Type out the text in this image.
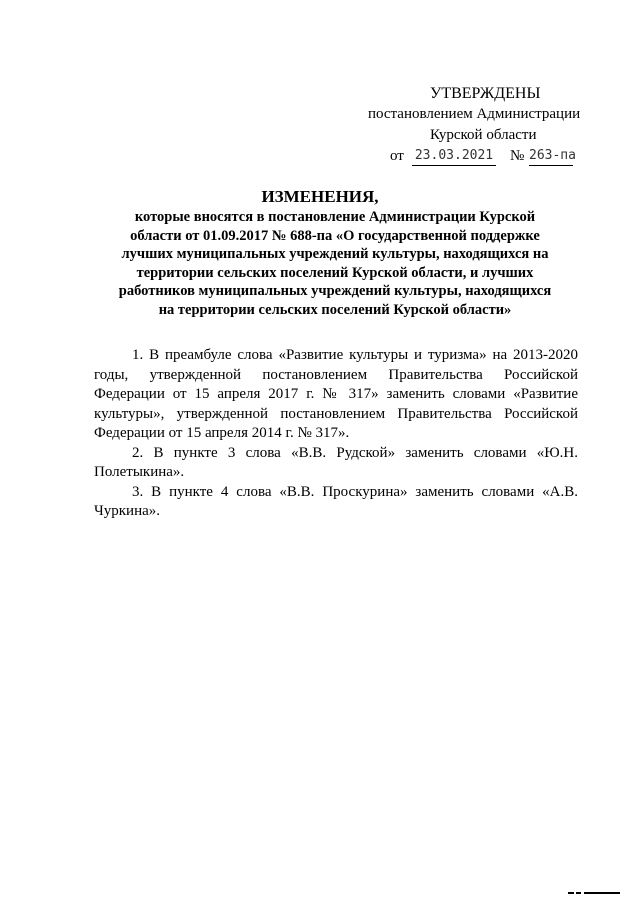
УТВЕРЖДЕНЫ
постановлением Администрации
Курской области
от 23.03.2021 № 263-па

ИЗМЕНЕНИЯ,

которые вносятся в постановление Администрации Курской области от 01.09.2017 № 688-па «О государственной поддержке лучших муниципальных учреждений культуры, находящихся на территории сельских поселений Курской области, и лучших работников муниципальных учреждений культуры, находящихся на территории сельских поселений Курской области»

1. В преамбуле слова «Развитие культуры и туризма» на 2013-2020 годы, утвержденной постановлением Правительства Российской Федерации от 15 апреля 2017 г. № 317» заменить словами «Развитие культуры», утвержденной постановлением Правительства Российской Федерации от 15 апреля 2014 г. № 317».

2. В пункте 3 слова «В.В. Рудской» заменить словами «Ю.Н. Полетыкина».

3. В пункте 4 слова «В.В. Проскурина» заменить словами «А.В. Чуркина».
